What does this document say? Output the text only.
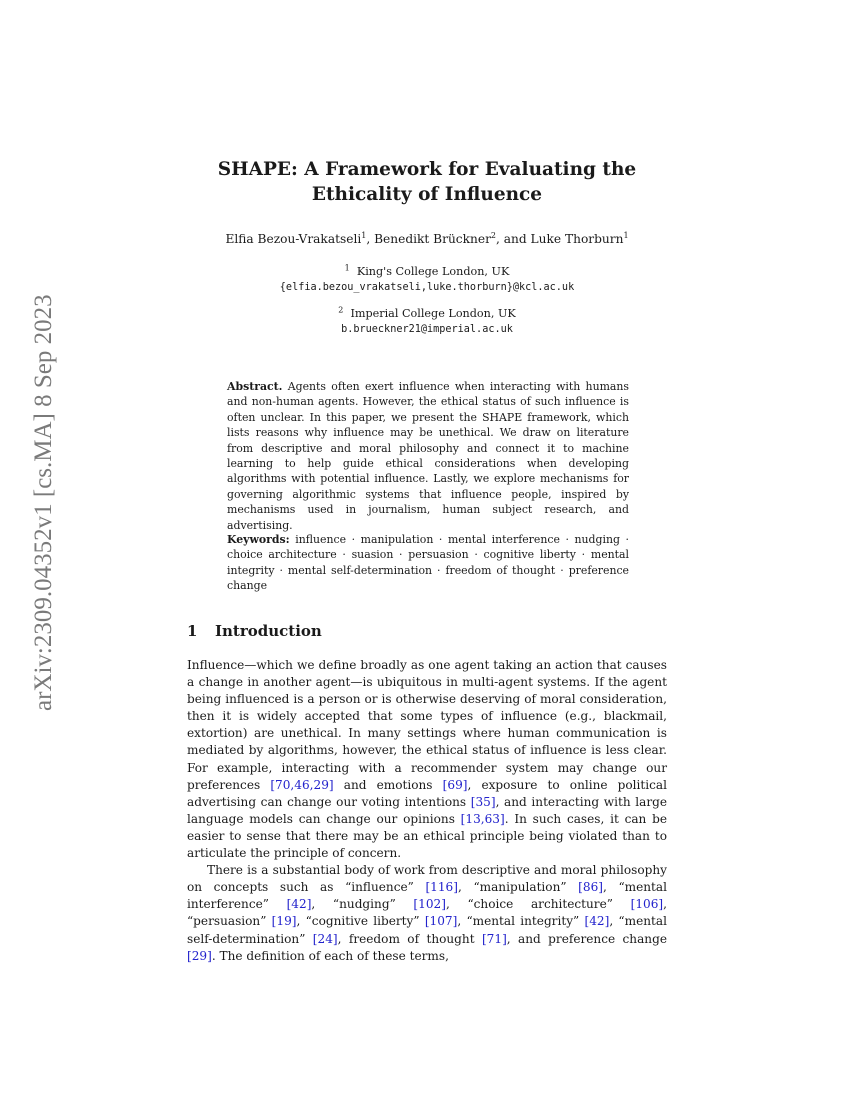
arXiv:2309.04352v1 [cs.MA] 8 Sep 2023
SHAPE: A Framework for Evaluating the
Ethicality of Influence
Elfia Bezou-Vrakatseli$^1$, Benedikt Brückner$^2$, and Luke Thorburn$^1$
$^1$ King's College London, UK
{elfia.bezou_vrakatseli,luke.thorburn}@kcl.ac.uk
$^2$ Imperial College London, UK
b.brueckner21@imperial.ac.uk
Abstract. Agents often exert influence when interacting with humans and non-human agents. However, the ethical status of such influence is often unclear. In this paper, we present the SHAPE framework, which lists reasons why influence may be unethical. We draw on literature from descriptive and moral philosophy and connect it to machine learning to help guide ethical considerations when developing algorithms with potential influence. Lastly, we explore mechanisms for governing algorithmic systems that influence people, inspired by mechanisms used in journalism, human subject research, and advertising.
Keywords: influence · manipulation · mental interference · nudging · choice architecture · suasion · persuasion · cognitive liberty · mental integrity · mental self-determination · freedom of thought · preference change
1 Introduction

Influence—which we define broadly as one agent taking an action that causes a change in another agent—is ubiquitous in multi-agent systems. If the agent being influenced is a person or is otherwise deserving of moral consideration, then it is widely accepted that some types of influence (e.g., blackmail, extortion) are unethical. In many settings where human communication is mediated by algorithms, however, the ethical status of influence is less clear. For example, interacting with a recommender system may change our preferences [70,46,29] and emotions [69], exposure to online political advertising can change our voting intentions [35], and interacting with large language models can change our opinions [13,63]. In such cases, it can be easier to sense that there may be an ethical principle being violated than to articulate the principle of concern.

There is a substantial body of work from descriptive and moral philosophy on concepts such as “influence” [116], “manipulation” [86], “mental interference” [42], “nudging” [102], “choice architecture” [106], “persuasion” [19], “cognitive liberty” [107], “mental integrity” [42], “mental self-determination” [24], freedom of thought [71], and preference change [29]. The definition of each of these terms,
